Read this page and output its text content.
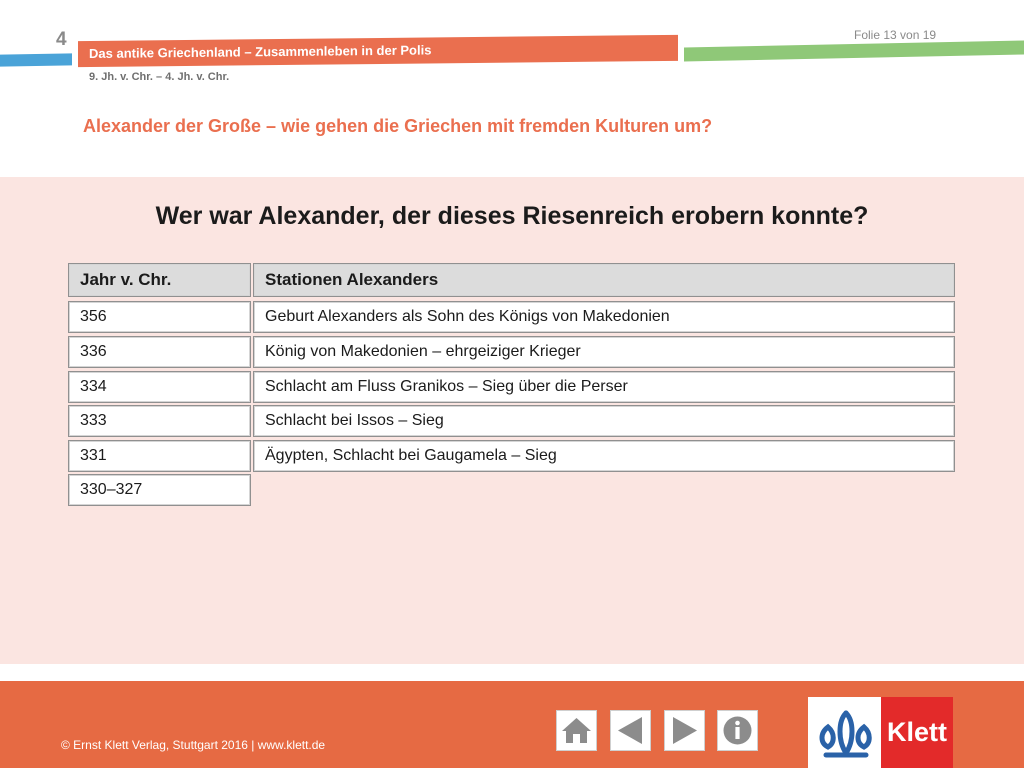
4
Das antike Griechenland – Zusammenleben in der Polis
Folie 13 von 19
9. Jh. v. Chr. – 4. Jh. v. Chr.
Alexander der Große – wie gehen die Griechen mit fremden Kulturen um?
Wer war Alexander, der dieses Riesenreich erobern konnte?
Jahr v. Chr.	Stationen Alexanders
356	Geburt Alexanders als Sohn des Königs von Makedonien
336	König von Makedonien – ehrgeiziger Krieger
334	Schlacht am Fluss Granikos – Sieg über die Perser
333	Schlacht bei Issos – Sieg
331	Ägypten, Schlacht bei Gaugamela – Sieg
330–327
© Ernst Klett Verlag, Stuttgart 2016 | www.klett.de	Klett
